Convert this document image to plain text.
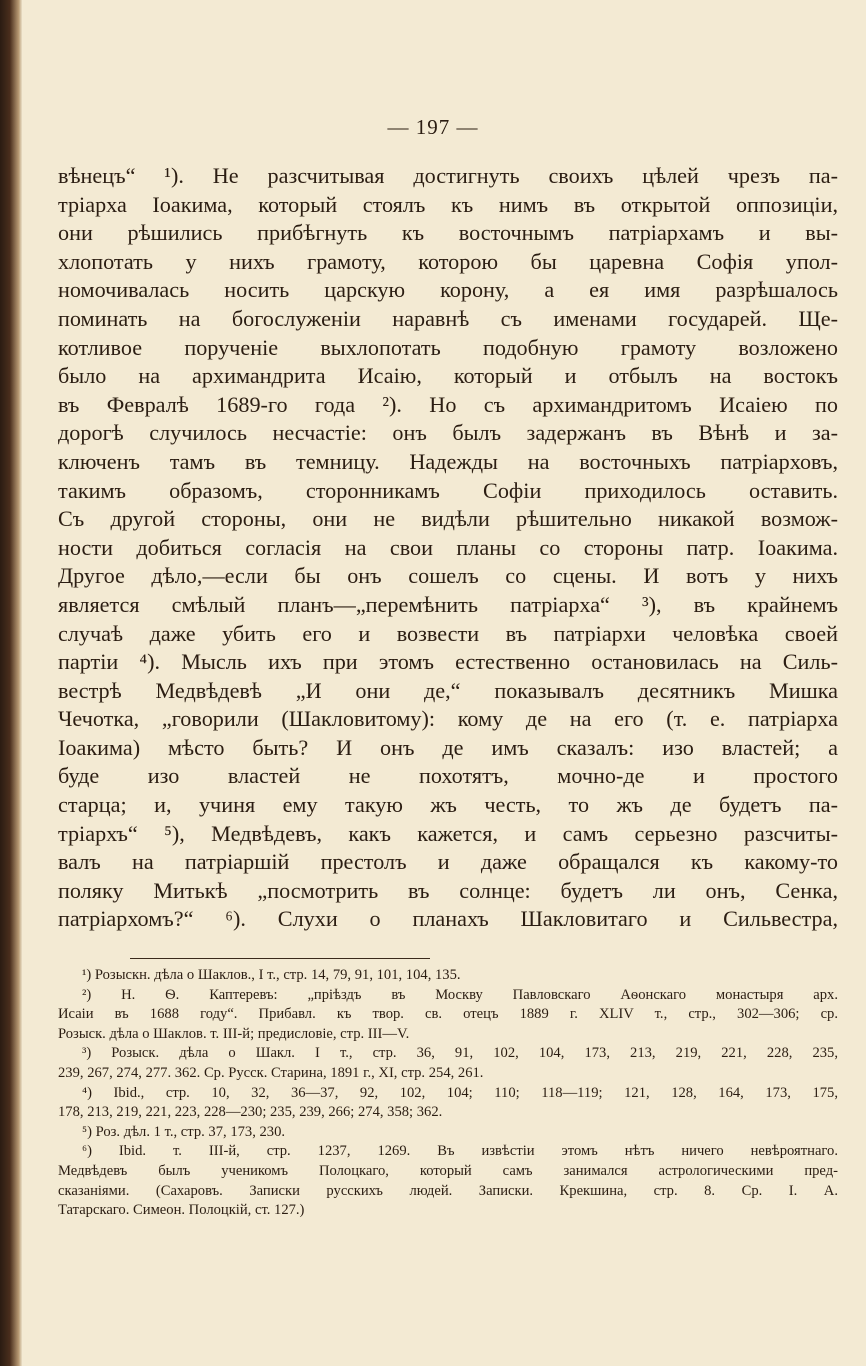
— 197 —
вѣнецъ“ ¹). Не разсчитывая достигнуть своихъ цѣлей чрезъ па-
тріарха Іоакима, который стоялъ къ нимъ въ открытой оппозиціи,
они рѣшились прибѣгнуть къ восточнымъ патріархамъ и вы-
хлопотать у нихъ грамоту, которою бы царевна Софія упол-
номочивалась носить царскую корону, а ея имя разрѣшалось
поминать на богослуженіи наравнѣ съ именами государей. Ще-
котливое порученіе выхлопотать подобную грамоту возложено
было на архимандрита Исаію, который и отбылъ на востокъ
въ Февралѣ 1689-го года ²). Но съ архимандритомъ Исаіею по
дорогѣ случилось несчастіе: онъ былъ задержанъ въ Вѣнѣ и за-
ключенъ тамъ въ темницу. Надежды на восточныхъ патріарховъ,
такимъ образомъ, сторонникамъ Софіи приходилось оставить.
Съ другой стороны, они не видѣли рѣшительно никакой возмож-
ности добиться согласія на свои планы со стороны патр. Іоакима.
Другое дѣло,—если бы онъ сошелъ со сцены. И вотъ у нихъ
является смѣлый планъ—„перемѣнить патріарха“ ³), въ крайнемъ
случаѣ даже убить его и возвести въ патріархи человѣка своей
партіи ⁴). Мысль ихъ при этомъ естественно остановилась на Силь-
вестрѣ Медвѣдевѣ „И они де,“ показывалъ десятникъ Мишка
Чечотка, „говорили (Шакловитому): кому де на его (т. е. патріарха
Іоакима) мѣсто быть? И онъ де имъ сказалъ: изо властей; а
буде изо властей не похотятъ, мочно-де и простого
старца; и, учиня ему такую жъ честь, то жъ де будетъ па-
тріархъ“ ⁵), Медвѣдевъ, какъ кажется, и самъ серьезно разсчиты-
валъ на патріаршій престолъ и даже обращался къ какому-то
поляку Митькѣ „посмотрить въ солнце: будетъ ли онъ, Сенка,
патріархомъ?“ ⁶). Слухи о планахъ Шакловитаго и Сильвестра,
¹) Розыскн. дѣла о Шаклов., I т., стр. 14, 79, 91, 101, 104, 135.
²) Н. Ѳ. Каптеревъ: „пріѣздъ въ Москву Павловскаго Аѳонскаго монастыря арх.
Исаіи въ 1688 году“. Прибавл. къ твор. св. отецъ 1889 г. XLIV т., стр., 302—306; ср.
Розыск. дѣла о Шаклов. т. III-й; предисловіе, стр. III—V.
³) Розыск. дѣла о Шакл. I т., стр. 36, 91, 102, 104, 173, 213, 219, 221, 228, 235,
239, 267, 274, 277. 362. Ср. Русск. Старина, 1891 г., XI, стр. 254, 261.
⁴) Ibid., стр. 10, 32, 36—37, 92, 102, 104; 110; 118—119; 121, 128, 164, 173, 175,
178, 213, 219, 221, 223, 228—230; 235, 239, 266; 274, 358; 362.
⁵) Роз. дѣл. 1 т., стр. 37, 173, 230.
⁶) Ibid. т. III-й, стр. 1237, 1269. Въ извѣстіи этомъ нѣтъ ничего невѣроятнаго.
Медвѣдевъ былъ ученикомъ Полоцкаго, который самъ занимался астрологическими пред-
сказаніями. (Сахаровъ. Записки русскихъ людей. Записки. Крекшина, стр. 8. Ср. I. А.
Татарскаго. Симеон. Полоцкій, ст. 127.)
